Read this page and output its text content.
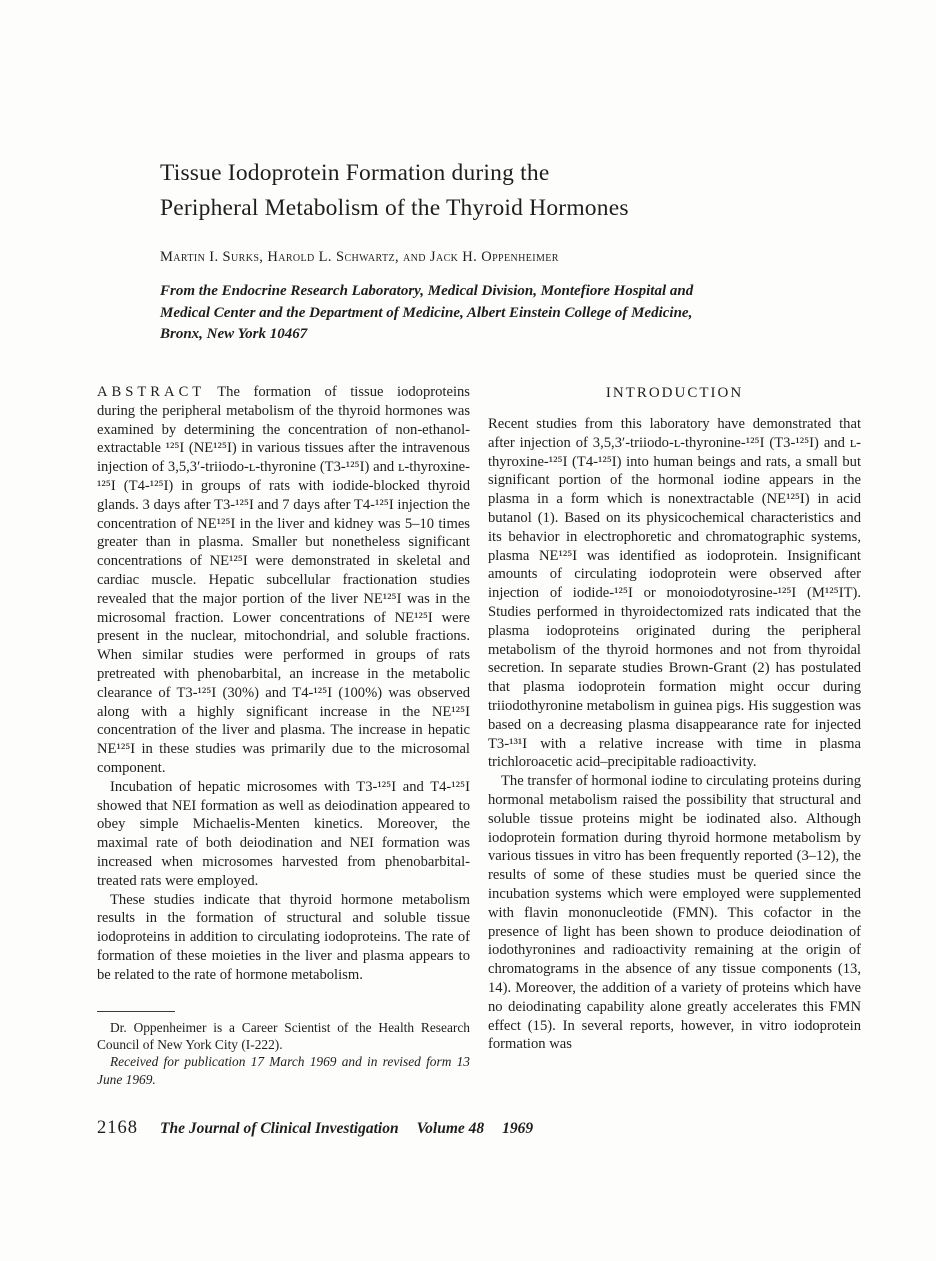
Tissue Iodoprotein Formation during the
Peripheral Metabolism of the Thyroid Hormones
Martin I. Surks, Harold L. Schwartz, and Jack H. Oppenheimer
From the Endocrine Research Laboratory, Medical Division, Montefiore Hospital and Medical Center and the Department of Medicine, Albert Einstein College of Medicine, Bronx, New York 10467

ABSTRACT The formation of tissue iodoproteins during the peripheral metabolism of the thyroid hormones was examined by determining the concentration of non-ethanol-extractable ¹²⁵I (NE¹²⁵I) in various tissues after the intravenous injection of 3,5,3′-triiodo-ʟ-thyronine (T3-¹²⁵I) and ʟ-thyroxine-¹²⁵I (T4-¹²⁵I) in groups of rats with iodide-blocked thyroid glands. 3 days after T3-¹²⁵I and 7 days after T4-¹²⁵I injection the concentration of NE¹²⁵I in the liver and kidney was 5–10 times greater than in plasma. Smaller but nonetheless significant concentrations of NE¹²⁵I were demonstrated in skeletal and cardiac muscle. Hepatic subcellular fractionation studies revealed that the major portion of the liver NE¹²⁵I was in the microsomal fraction. Lower concentrations of NE¹²⁵I were present in the nuclear, mitochondrial, and soluble fractions. When similar studies were performed in groups of rats pretreated with phenobarbital, an increase in the metabolic clearance of T3-¹²⁵I (30%) and T4-¹²⁵I (100%) was observed along with a highly significant increase in the NE¹²⁵I concentration of the liver and plasma. The increase in hepatic NE¹²⁵I in these studies was primarily due to the microsomal component.

Incubation of hepatic microsomes with T3-¹²⁵I and T4-¹²⁵I showed that NEI formation as well as deiodination appeared to obey simple Michaelis-Menten kinetics. Moreover, the maximal rate of both deiodination and NEI formation was increased when microsomes harvested from phenobarbital-treated rats were employed.

These studies indicate that thyroid hormone metabolism results in the formation of structural and soluble tissue iodoproteins in addition to circulating iodoproteins. The rate of formation of these moieties in the liver and plasma appears to be related to the rate of hormone metabolism.

Dr. Oppenheimer is a Career Scientist of the Health Research Council of New York City (I-222).

Received for publication 17 March 1969 and in revised form 13 June 1969.

INTRODUCTION

Recent studies from this laboratory have demonstrated that after injection of 3,5,3′-triiodo-ʟ-thyronine-¹²⁵I (T3-¹²⁵I) and ʟ-thyroxine-¹²⁵I (T4-¹²⁵I) into human beings and rats, a small but significant portion of the hormonal iodine appears in the plasma in a form which is nonextractable (NE¹²⁵I) in acid butanol (1). Based on its physicochemical characteristics and its behavior in electrophoretic and chromatographic systems, plasma NE¹²⁵I was identified as iodoprotein. Insignificant amounts of circulating iodoprotein were observed after injection of iodide-¹²⁵I or monoiodotyrosine-¹²⁵I (M¹²⁵IT). Studies performed in thyroidectomized rats indicated that the plasma iodoproteins originated during the peripheral metabolism of the thyroid hormones and not from thyroidal secretion. In separate studies Brown-Grant (2) has postulated that plasma iodoprotein formation might occur during triiodothyronine metabolism in guinea pigs. His suggestion was based on a decreasing plasma disappearance rate for injected T3-¹³¹I with a relative increase with time in plasma trichloroacetic acid–precipitable radioactivity.

The transfer of hormonal iodine to circulating proteins during hormonal metabolism raised the possibility that structural and soluble tissue proteins might be iodinated also. Although iodoprotein formation during thyroid hormone metabolism by various tissues in vitro has been frequently reported (3–12), the results of some of these studies must be queried since the incubation systems which were employed were supplemented with flavin mononucleotide (FMN). This cofactor in the presence of light has been shown to produce deiodination of iodothyronines and radioactivity remaining at the origin of chromatograms in the absence of any tissue components (13, 14). Moreover, the addition of a variety of proteins which have no deiodinating capability alone greatly accelerates this FMN effect (15). In several reports, however, in vitro iodoprotein formation was

2168 The Journal of Clinical Investigation Volume 48 1969
